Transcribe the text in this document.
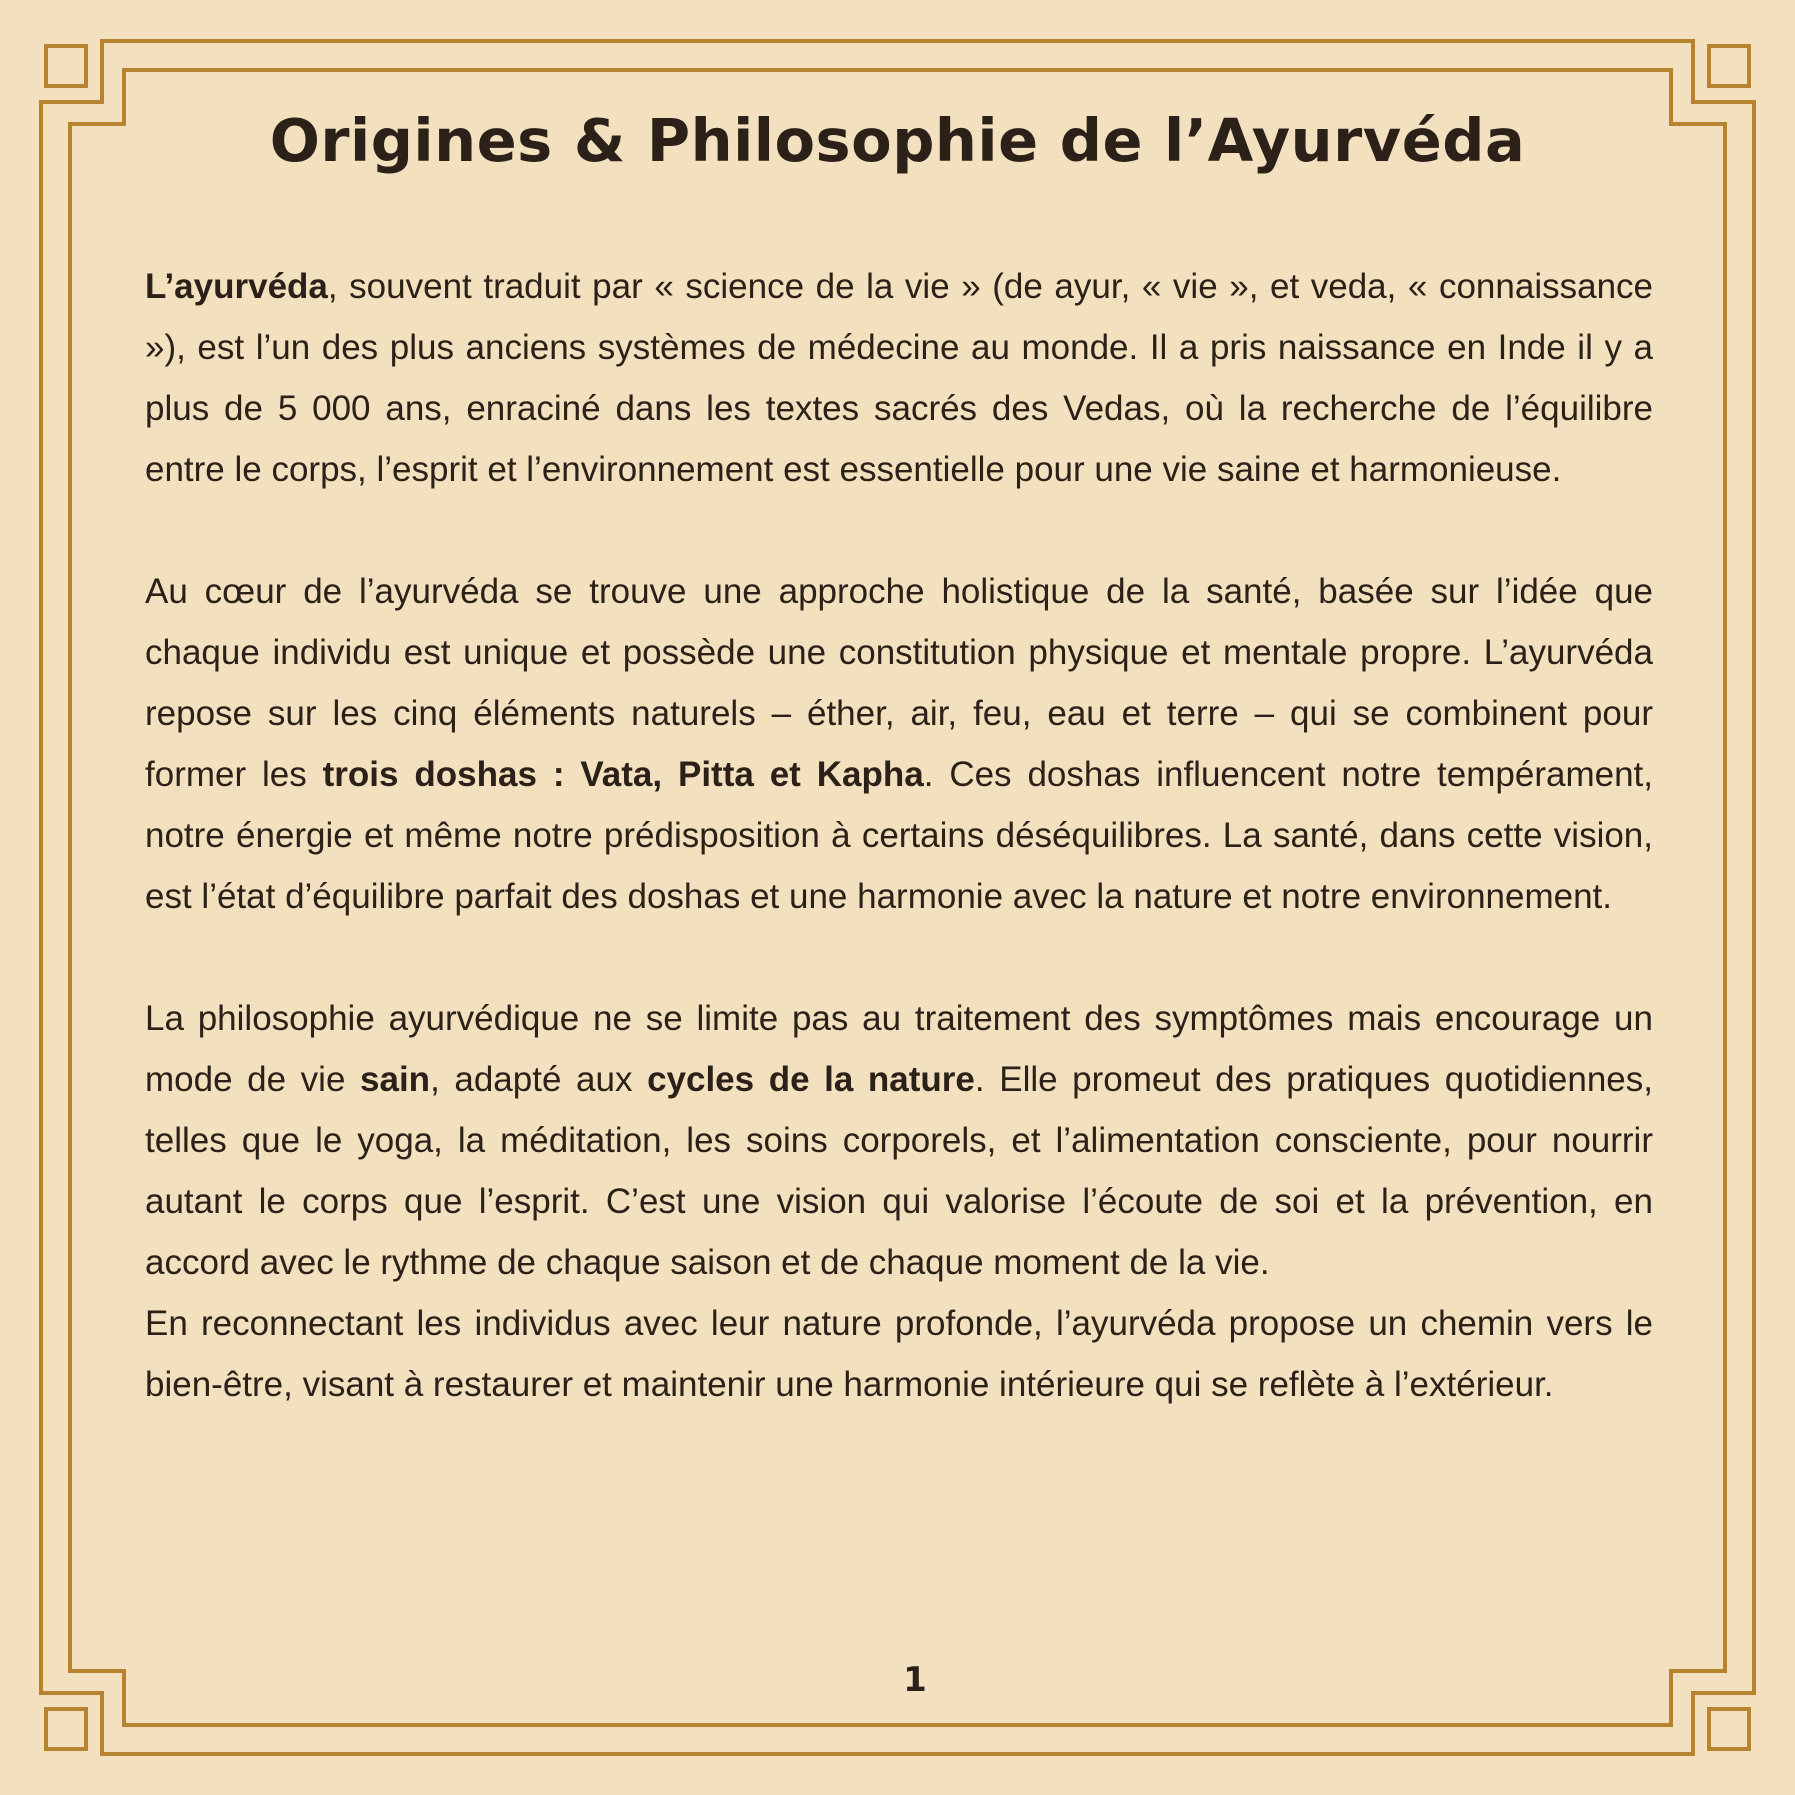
Origines & Philosophie de l’Ayurvéda

L’ayurvéda, souvent traduit par « science de la vie » (de ayur, « vie », et veda, « connaissance »), est l’un des plus anciens systèmes de médecine au monde. Il a pris naissance en Inde il y a plus de 5 000 ans, enraciné dans les textes sacrés des Vedas, où la recherche de l’équilibre entre le corps, l’esprit et l’environnement est essentielle pour une vie saine et harmonieuse.

Au cœur de l’ayurvéda se trouve une approche holistique de la santé, basée sur l’idée que chaque individu est unique et possède une constitution physique et mentale propre. L’ayurvéda repose sur les cinq éléments naturels – éther, air, feu, eau et terre – qui se combinent pour former les trois doshas : Vata, Pitta et Kapha. Ces doshas influencent notre tempérament, notre énergie et même notre prédisposition à certains déséquilibres. La santé, dans cette vision, est l’état d’équilibre parfait des doshas et une harmonie avec la nature et notre environnement.

La philosophie ayurvédique ne se limite pas au traitement des symptômes mais encourage un mode de vie sain, adapté aux cycles de la nature. Elle promeut des pratiques quotidiennes, telles que le yoga, la méditation, les soins corporels, et l’alimentation consciente, pour nourrir autant le corps que l’esprit. C’est une vision qui valorise l’écoute de soi et la prévention, en accord avec le rythme de chaque saison et de chaque moment de la vie.

En reconnectant les individus avec leur nature profonde, l’ayurvéda propose un chemin vers le bien-être, visant à restaurer et maintenir une harmonie intérieure qui se reflète à l’extérieur.

1
